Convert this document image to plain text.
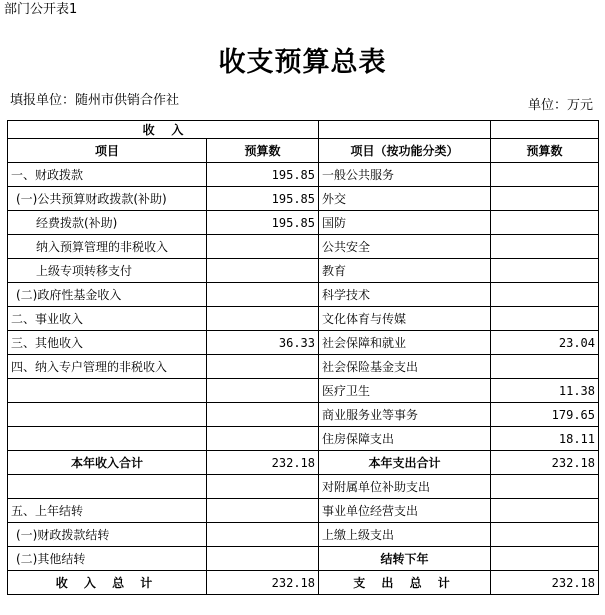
部门公开表1
收支预算总表
填报单位：随州市供销合作社	单位：万元
收    入			
项目	预算数	项目（按功能分类）	预算数
一、财政拨款	195.85	一般公共服务	
(一)公共预算财政拨款(补助)	195.85	外交	
经费拨款(补助)	195.85	国防	
纳入预算管理的非税收入		公共安全	
上级专项转移支付		教育	
(二)政府性基金收入		科学技术	
二、事业收入		文化体育与传媒	
三、其他收入	36.33	社会保障和就业	23.04
四、纳入专户管理的非税收入		社会保险基金支出	
		医疗卫生	11.38
		商业服务业等事务	179.65
		住房保障支出	18.11
本年收入合计	232.18	本年支出合计	232.18
		对附属单位补助支出	
五、上年结转		事业单位经营支出	
(一)财政拨款结转		上缴上级支出	
(二)其他结转		结转下年	
收 入 总 计	232.18	支 出 总 计	232.18
